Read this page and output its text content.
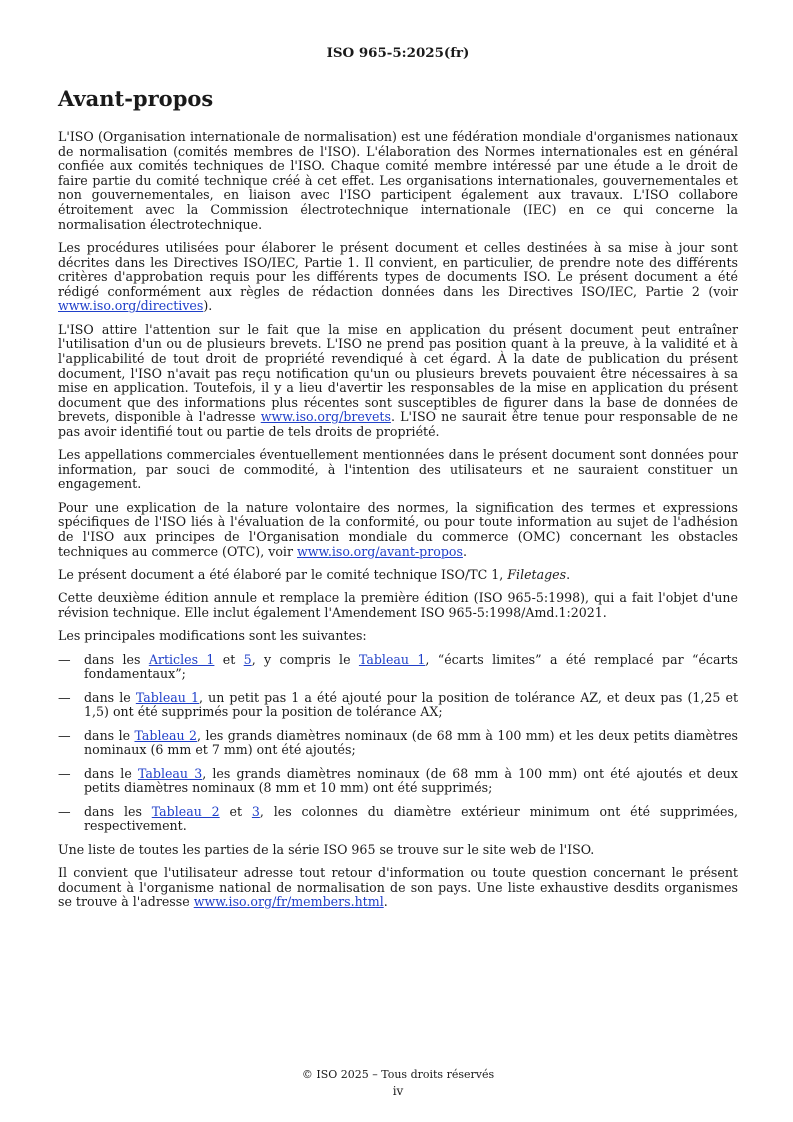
ISO 965-5:2025(fr)
Avant-propos

L'ISO (Organisation internationale de normalisation) est une fédération mondiale d'organismes nationaux de normalisation (comités membres de l'ISO). L'élaboration des Normes internationales est en général confiée aux comités techniques de l'ISO. Chaque comité membre intéressé par une étude a le droit de faire partie du comité technique créé à cet effet. Les organisations internationales, gouvernementales et non gouvernementales, en liaison avec l'ISO participent également aux travaux. L'ISO collabore étroitement avec la Commission électrotechnique internationale (IEC) en ce qui concerne la normalisation électrotechnique.

Les procédures utilisées pour élaborer le présent document et celles destinées à sa mise à jour sont décrites dans les Directives ISO/IEC, Partie 1. Il convient, en particulier, de prendre note des différents critères d'approbation requis pour les différents types de documents ISO. Le présent document a été rédigé conformément aux règles de rédaction données dans les Directives ISO/IEC, Partie 2 (voir www.iso.org/directives).

L'ISO attire l'attention sur le fait que la mise en application du présent document peut entraîner l'utilisation d'un ou de plusieurs brevets. L'ISO ne prend pas position quant à la preuve, à la validité et à l'applicabilité de tout droit de propriété revendiqué à cet égard. À la date de publication du présent document, l'ISO n'avait pas reçu notification qu'un ou plusieurs brevets pouvaient être nécessaires à sa mise en application. Toutefois, il y a lieu d'avertir les responsables de la mise en application du présent document que des informations plus récentes sont susceptibles de figurer dans la base de données de brevets, disponible à l'adresse www.iso.org/brevets. L'ISO ne saurait être tenue pour responsable de ne pas avoir identifié tout ou partie de tels droits de propriété.

Les appellations commerciales éventuellement mentionnées dans le présent document sont données pour information, par souci de commodité, à l'intention des utilisateurs et ne sauraient constituer un engagement.

Pour une explication de la nature volontaire des normes, la signification des termes et expressions spécifiques de l'ISO liés à l'évaluation de la conformité, ou pour toute information au sujet de l'adhésion de l'ISO aux principes de l'Organisation mondiale du commerce (OMC) concernant les obstacles techniques au commerce (OTC), voir www.iso.org/avant-propos.

Le présent document a été élaboré par le comité technique ISO/TC 1, Filetages.

Cette deuxième édition annule et remplace la première édition (ISO 965-5:1998), qui a fait l'objet d'une révision technique. Elle inclut également l'Amendement ISO 965-5:1998/Amd.1:2021.

Les principales modifications sont les suivantes:

— dans les Articles 1 et 5, y compris le Tableau 1, “écarts limites” a été remplacé par “écarts fondamentaux”;
— dans le Tableau 1, un petit pas 1 a été ajouté pour la position de tolérance AZ, et deux pas (1,25 et 1,5) ont été supprimés pour la position de tolérance AX;
— dans le Tableau 2, les grands diamètres nominaux (de 68 mm à 100 mm) et les deux petits diamètres nominaux (6 mm et 7 mm) ont été ajoutés;
— dans le Tableau 3, les grands diamètres nominaux (de 68 mm à 100 mm) ont été ajoutés et deux petits diamètres nominaux (8 mm et 10 mm) ont été supprimés;
— dans les Tableau 2 et 3, les colonnes du diamètre extérieur minimum ont été supprimées, respectivement.

Une liste de toutes les parties de la série ISO 965 se trouve sur le site web de l'ISO.

Il convient que l'utilisateur adresse tout retour d'information ou toute question concernant le présent document à l'organisme national de normalisation de son pays. Une liste exhaustive desdits organismes se trouve à l'adresse www.iso.org/fr/members.html.

© ISO 2025 – Tous droits réservés
iv
